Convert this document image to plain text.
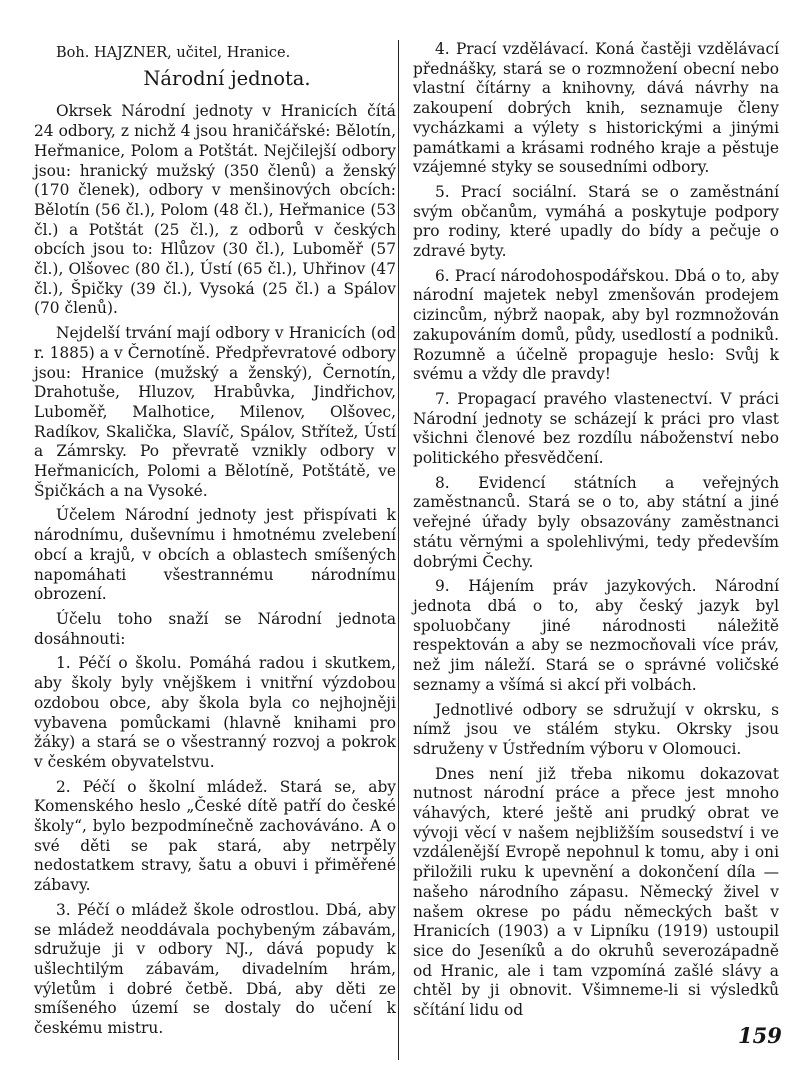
Boh. HAJZNER, učitel, Hranice.

Národní jednota.

Okrsek Národní jednoty v Hranicích čítá 24 odbory, z nichž 4 jsou hraničářské: Bělotín, Heřmanice, Polom a Potštát. Nejčilejší odbory jsou: hranický mužský (350 členů) a ženský (170 členek), odbory v menšinových obcích: Bělotín (56 čl.), Polom (48 čl.), Heřmanice (53 čl.) a Potštát (25 čl.), z odborů v českých obcích jsou to: Hlůzov (30 čl.), Luboměř (57 čl.), Olšovec (80 čl.), Ústí (65 čl.), Uhřinov (47 čl.), Špičky (39 čl.), Vysoká (25 čl.) a Spálov (70 členů).

Nejdelší trvání mají odbory v Hranicích (od r. 1885) a v Černotíně. Předpřevratové odbory jsou: Hranice (mužský a ženský), Černotín, Drahotuše, Hluzov, Hrabůvka, Jindřichov, Luboměř, Malhotice, Milenov, Olšovec, Radíkov, Skalička, Slavíč, Spálov, Střítež, Ústí a Zámrsky. Po převratě vznikly odbory v Heřmanicích, Polomi a Bělotíně, Potštátě, ve Špičkách a na Vysoké.

Účelem Národní jednoty jest přispívati k národnímu, duševnímu i hmotnému zvelebení obcí a krajů, v obcích a oblastech smíšených napomáhati všestrannému národnímu obrození.

Účelu toho snaží se Národní jednota dosáhnouti:

1. Péčí o školu. Pomáhá radou i skutkem, aby školy byly vnějškem i vnitřní výzdobou ozdobou obce, aby škola byla co nejhojněji vybavena pomůckami (hlavně knihami pro žáky) a stará se o všestranný rozvoj a pokrok v českém obyvatelstvu.

2. Péčí o školní mládež. Stará se, aby Komenského heslo „České dítě patří do české školy“, bylo bezpodmínečně zachováváno. A o své děti se pak stará, aby netrpěly nedostatkem stravy, šatu a obuvi i přiměřené zábavy.

3. Péčí o mládež škole odrostlou. Dbá, aby se mládež neoddávala pochybeným zábavám, sdružuje ji v odbory NJ., dává popudy k ušlechtilým zábavám, divadelním hrám, výletům i dobré četbě. Dbá, aby děti ze smíšeného území se dostaly do učení k českému mistru.

4. Prací vzdělávací. Koná častěji vzdělávací přednášky, stará se o rozmnožení obecní nebo vlastní čítárny a knihovny, dává návrhy na zakoupení dobrých knih, seznamuje členy vycházkami a výlety s historickými a jinými památkami a krásami rodného kraje a pěstuje vzájemné styky se sousedními odbory.

5. Prací sociální. Stará se o zaměstnání svým občanům, vymáhá a poskytuje podpory pro rodiny, které upadly do bídy a pečuje o zdravé byty.

6. Prací národohospodářskou. Dbá o to, aby národní majetek nebyl zmenšován prodejem cizincům, nýbrž naopak, aby byl rozmnožován zakupováním domů, půdy, usedlostí a podniků. Rozumně a účelně propaguje heslo: Svůj k svému a vždy dle pravdy!

7. Propagací pravého vlastenectví. V práci Národní jednoty se scházejí k práci pro vlast všichni členové bez rozdílu náboženství nebo politického přesvědčení.

8. Evidencí státních a veřejných zaměstnanců. Stará se o to, aby státní a jiné veřejné úřady byly obsazovány zaměstnanci státu věrnými a spolehlivými, tedy především dobrými Čechy.

9. Hájením práv jazykových. Národní jednota dbá o to, aby český jazyk byl spoluobčany jiné národnosti náležitě respektován a aby se nezmocňovali více práv, než jim náleží. Stará se o správné voličské seznamy a všímá si akcí při volbách.

Jednotlivé odbory se sdružují v okrsku, s nímž jsou ve stálém styku. Okrsky jsou sdruženy v Ústředním výboru v Olomouci.

Dnes není již třeba nikomu dokazovat nutnost národní práce a přece jest mnoho váhavých, které ještě ani prudký obrat ve vývoji věcí v našem nejbližším sousedství i ve vzdálenější Evropě nepohnul k tomu, aby i oni přiložili ruku k upevnění a dokončení díla — našeho národního zápasu. Německý živel v našem okrese po pádu německých bašt v Hranicích (1903) a v Lipníku (1919) ustoupil sice do Jeseníků a do okruhů severozápadně od Hranic, ale i tam vzpomíná zašlé slávy a chtěl by ji obnovit. Všimneme-li si výsledků sčítání lidu od

159
